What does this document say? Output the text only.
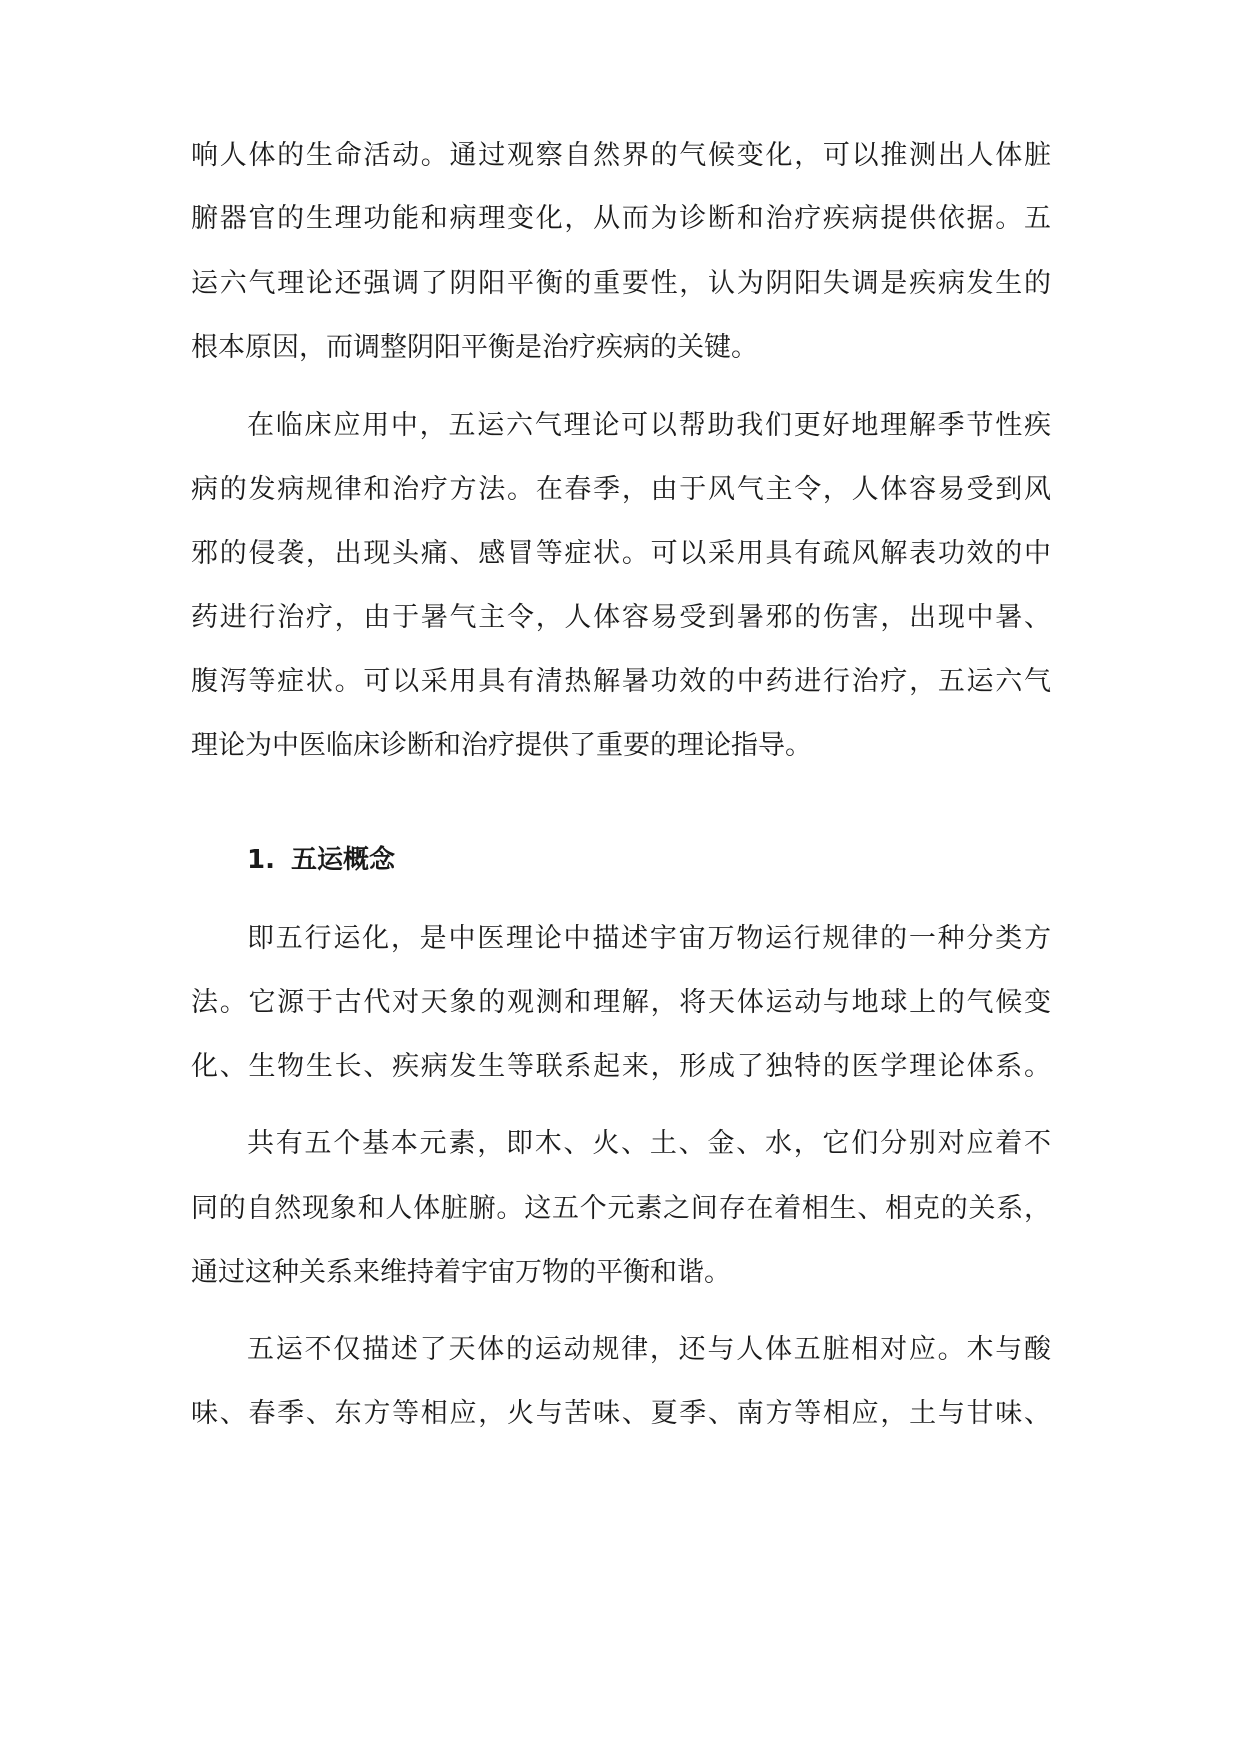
响人体的生命活动。通过观察自然界的气候变化，可以推测出人体脏
腑器官的生理功能和病理变化，从而为诊断和治疗疾病提供依据。五
运六气理论还强调了阴阳平衡的重要性，认为阴阳失调是疾病发生的
根本原因，而调整阴阳平衡是治疗疾病的关键。
在临床应用中，五运六气理论可以帮助我们更好地理解季节性疾
病的发病规律和治疗方法。在春季，由于风气主令，人体容易受到风
邪的侵袭，出现头痛、感冒等症状。可以采用具有疏风解表功效的中
药进行治疗，由于暑气主令，人体容易受到暑邪的伤害，出现中暑、
腹泻等症状。可以采用具有清热解暑功效的中药进行治疗，五运六气
理论为中医临床诊断和治疗提供了重要的理论指导。
1. 五运概念
即五行运化，是中医理论中描述宇宙万物运行规律的一种分类方
法。它源于古代对天象的观测和理解，将天体运动与地球上的气候变
化、生物生长、疾病发生等联系起来，形成了独特的医学理论体系。
共有五个基本元素，即木、火、土、金、水，它们分别对应着不
同的自然现象和人体脏腑。这五个元素之间存在着相生、相克的关系，
通过这种关系来维持着宇宙万物的平衡和谐。
五运不仅描述了天体的运动规律，还与人体五脏相对应。木与酸
味、春季、东方等相应，火与苦味、夏季、南方等相应，土与甘味、
